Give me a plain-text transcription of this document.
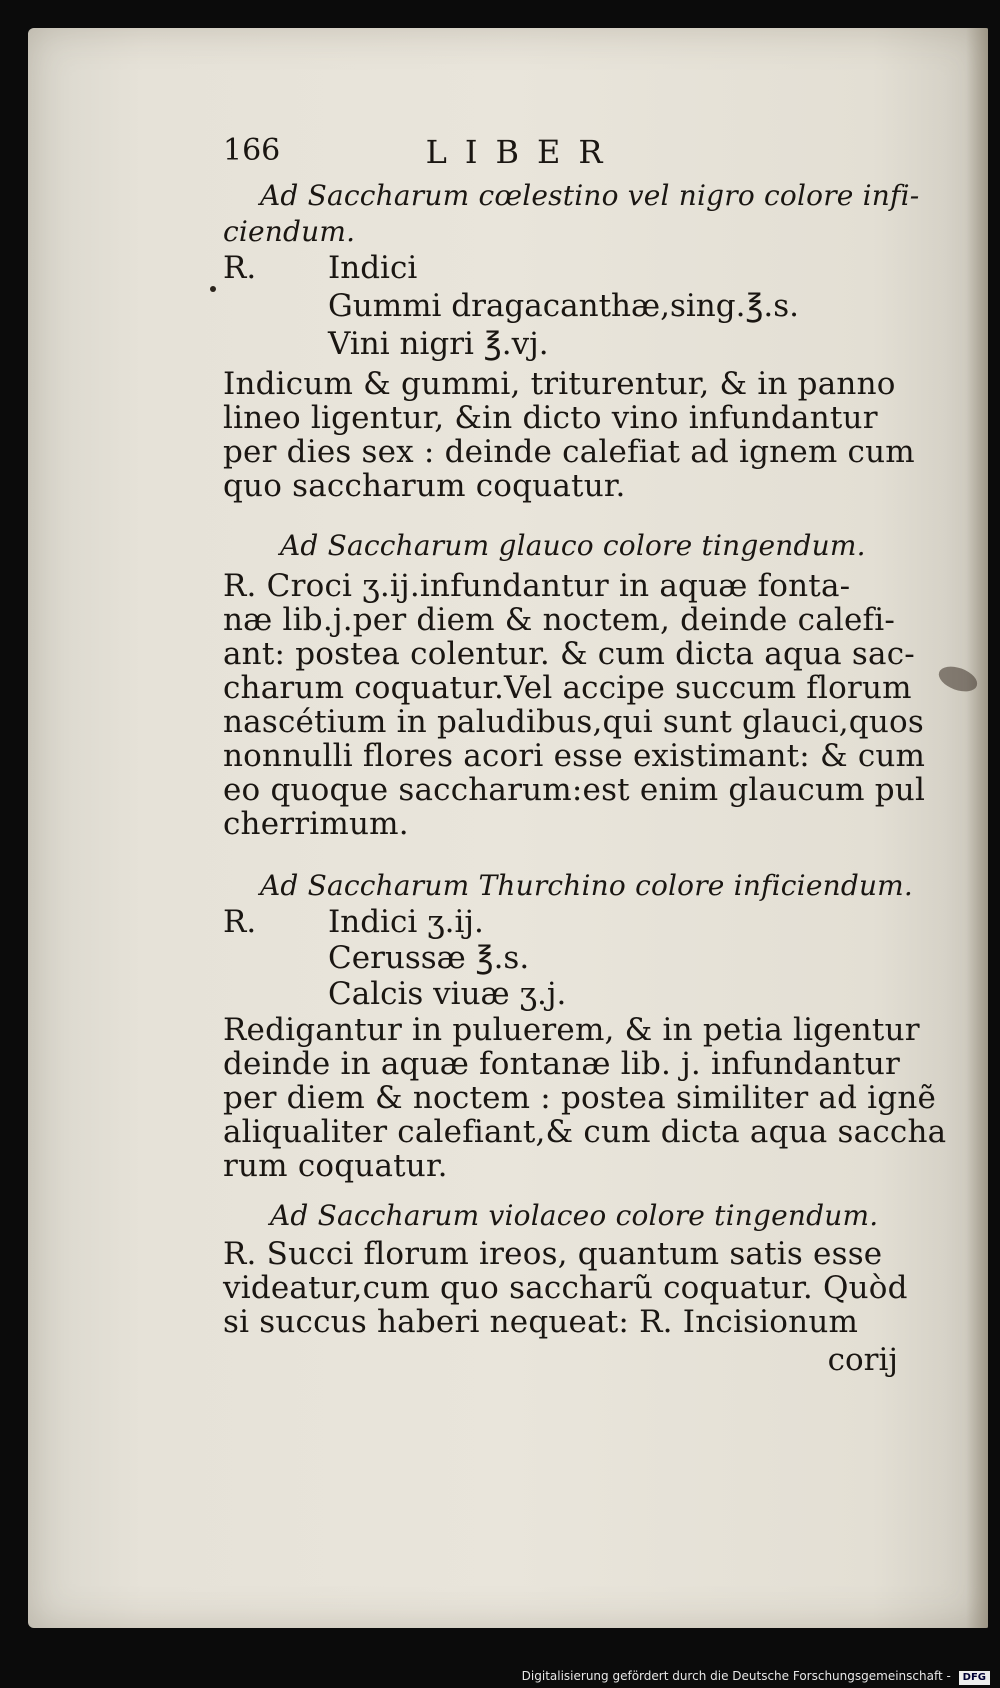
166	LIBER
Ad Saccharum cœlestino vel nigro colore infi-
ciendum.
R. Indici
Gummi dragacanthæ,sing.℥.s.
Vini nigri ℥.vj.
Indicum & gummi, triturentur, & in panno
lineo ligentur, &in dicto vino infundantur
per dies sex : deinde calefiat ad ignem cum
quo saccharum coquatur.
Ad Saccharum glauco colore tingendum.
R. Croci ʒ.ij.infundantur in aquæ fonta-
næ lib.j.per diem & noctem, deinde calefi-
ant: postea colentur. & cum dicta aqua sac-
charum coquatur.Vel accipe succum florum
nascétium in paludibus,qui sunt glauci,quos
nonnulli flores acori esse existimant: & cum
eo quoque saccharum:est enim glaucum pul
cherrimum.
Ad Saccharum Thurchino colore inficiendum.
R. Indici ʒ.ij.
Cerussæ ℥.s.
Calcis viuæ ʒ.j.
Redigantur in puluerem, & in petia ligentur
deinde in aquæ fontanæ lib. j. infundantur
per diem & noctem : postea similiter ad ignẽ
aliqualiter calefiant,& cum dicta aqua saccha
rum coquatur.
Ad Saccharum violaceo colore tingendum.
R. Succi florum ireos, quantum satis esse
videatur,cum quo saccharũ coquatur. Quòd
si succus haberi nequeat: R. Incisionum
corij
Digitalisierung gefördert durch die Deutsche Forschungsgemeinschaft - DFG
